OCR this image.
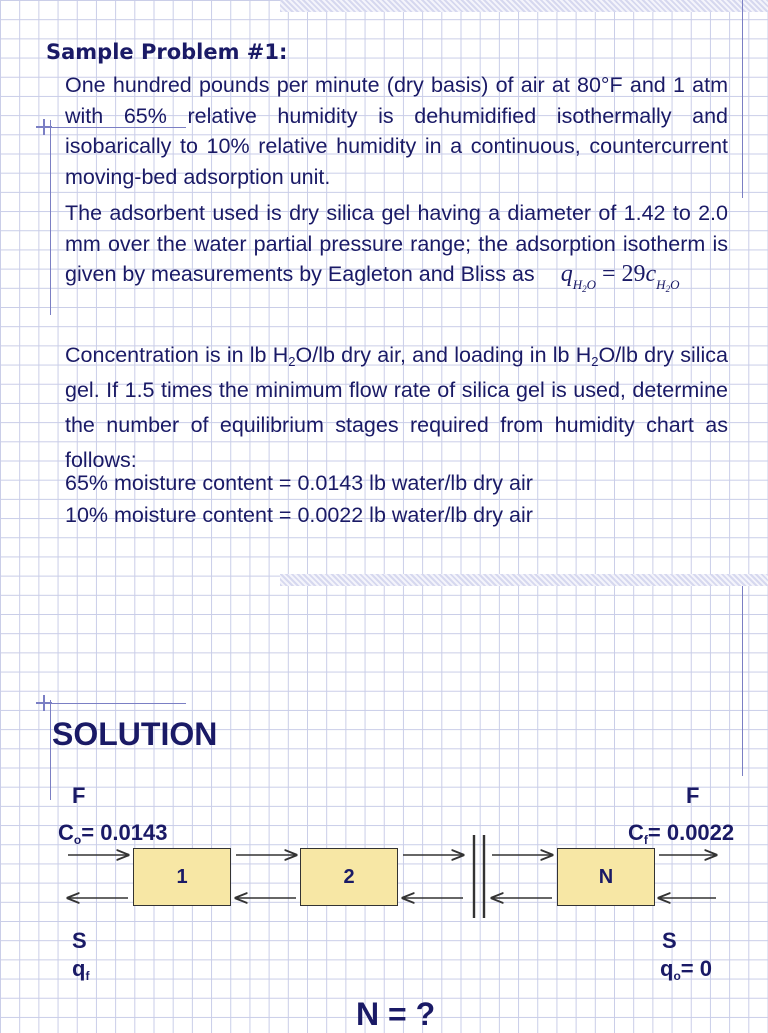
Sample Problem #1:
One hundred pounds per minute (dry basis) of air at 80°F and 1 atm with 65% relative humidity is dehumidified isothermally and isobarically to 10% relative humidity in a continuous, countercurrent moving-bed adsorption unit.
The adsorbent used is dry silica gel having a diameter of 1.42 to 2.0 mm over the water partial pressure range; the adsorption isotherm is given by measurements by Eagleton and Bliss as $q_{H_2O} = 29c_{H_2O}$
Concentration is in lb $H_2O/lb$ dry air, and loading in lb $H_2O/lb$ dry silica gel. If 1.5 times the minimum flow rate of silica gel is used, determine the number of equilibrium stages required from humidity chart as follows:
65% moisture content = 0.0143 lb water/lb dry air
10% moisture content = 0.0022 lb water/lb dry air
SOLUTION
F
$C_o= 0.0143$
F
$C_f= 0.0022$
1	2	N
S
$q_f$
S
$q_o= 0$
N = ?
